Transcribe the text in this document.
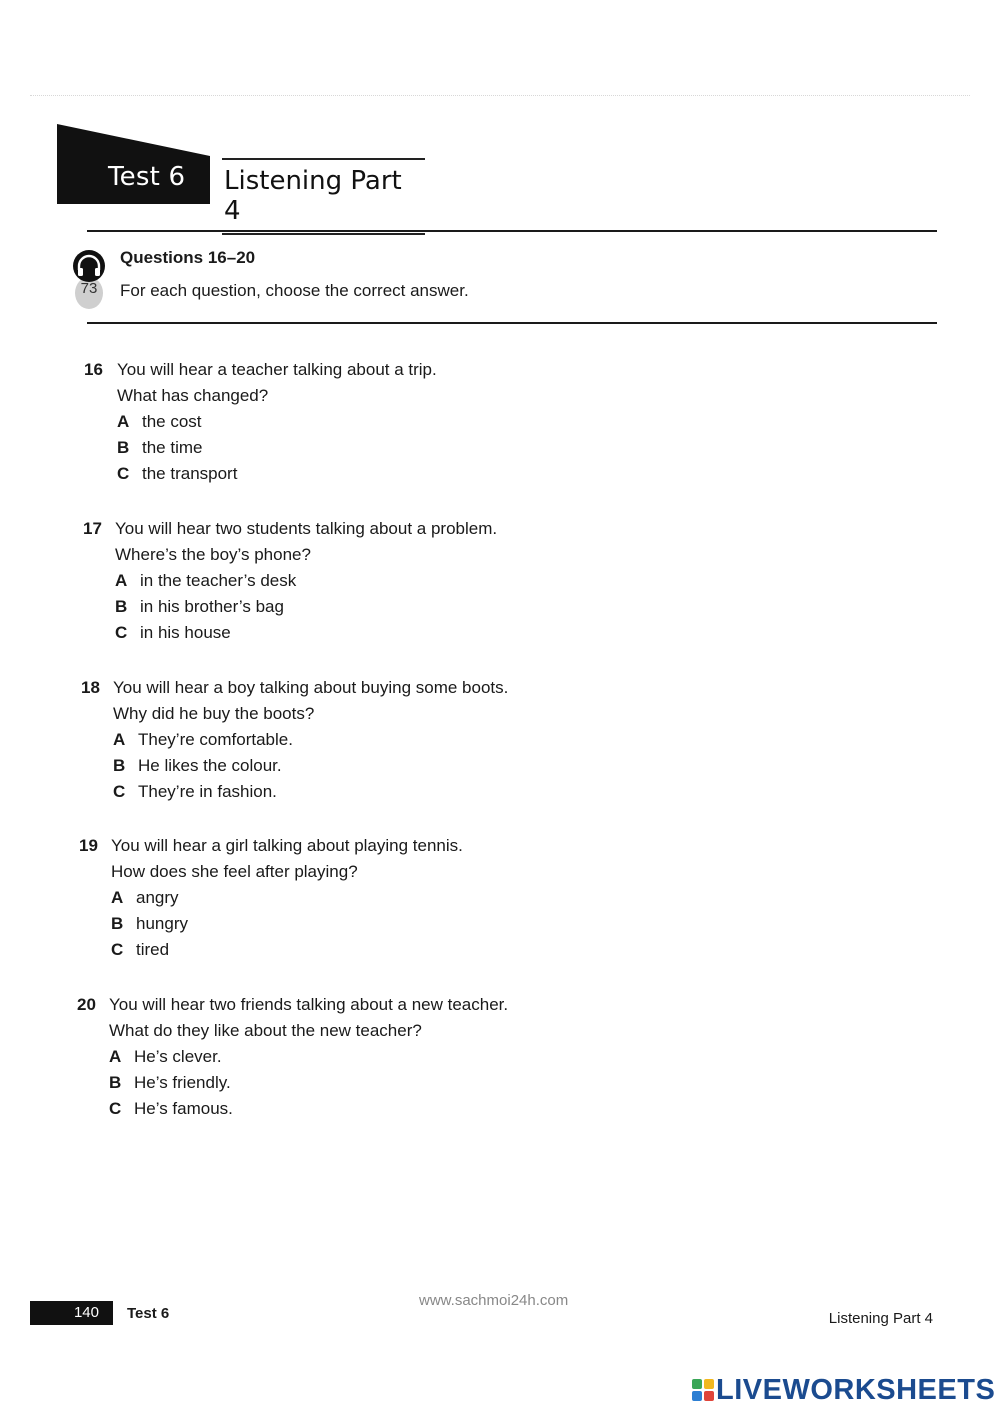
Test 6 Listening Part 4
73
Questions 16–20
For each question, choose the correct answer.
16 You will hear a teacher talking about a trip.
What has changed?
A the cost
B the time
C the transport
17 You will hear two students talking about a problem.
Where’s the boy’s phone?
A in the teacher’s desk
B in his brother’s bag
C in his house
18 You will hear a boy talking about buying some boots.
Why did he buy the boots?
A They’re comfortable.
B He likes the colour.
C They’re in fashion.
19 You will hear a girl talking about playing tennis.
How does she feel after playing?
A angry
B hungry
C tired
20 You will hear two friends talking about a new teacher.
What do they like about the new teacher?
A He’s clever.
B He’s friendly.
C He’s famous.
www.sachmoi24h.com
140	Test 6	Listening Part 4
LIVEWORKSHEETS
